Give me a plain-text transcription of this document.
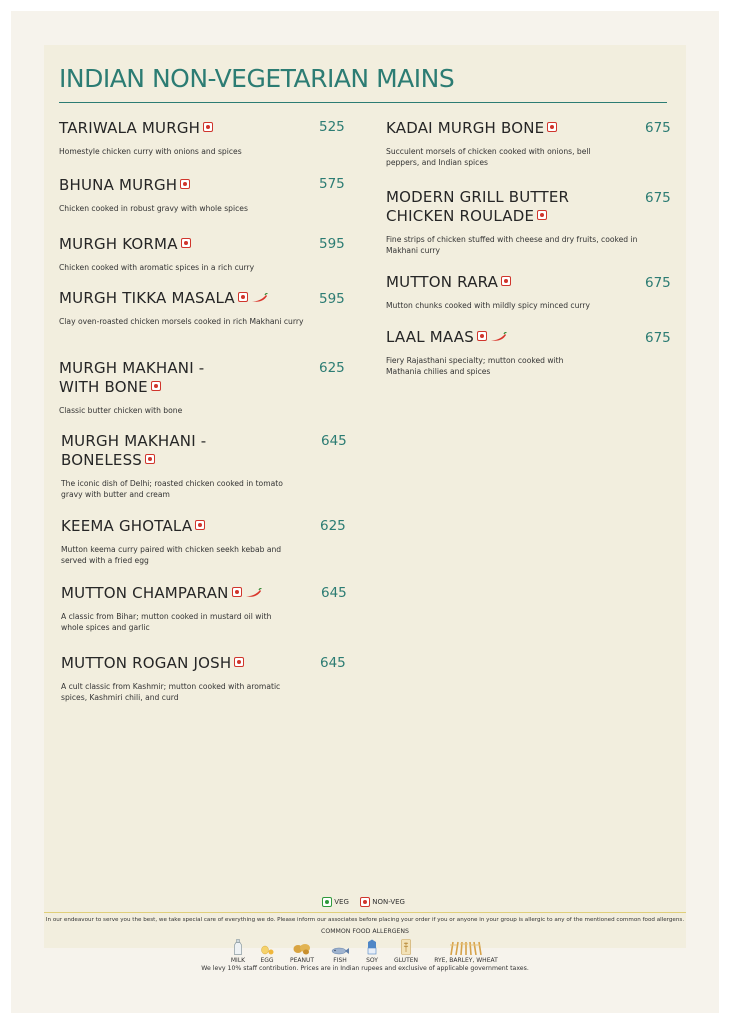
INDIAN NON-VEGETARIAN MAINS
TARIWALA MURGH
Homestyle chicken curry with onions and spices
525
BHUNA MURGH
Chicken cooked in robust gravy with whole spices
575
MURGH KORMA
Chicken cooked with aromatic spices in a rich curry
595
MURGH TIKKA MASALA
Clay oven-roasted chicken morsels cooked in rich Makhani curry
595
MURGH MAKHANI -
WITH BONE
Classic butter chicken with bone
625
MURGH MAKHANI -
BONELESS
The iconic dish of Delhi; roasted chicken cooked in tomato gravy with butter and cream
645
KEEMA GHOTALA
Mutton keema curry paired with chicken seekh kebab and served with a fried egg
625
MUTTON CHAMPARAN
A classic from Bihar; mutton cooked in mustard oil with whole spices and garlic
645
MUTTON ROGAN JOSH
A cult classic from Kashmir; mutton cooked with aromatic spices, Kashmiri chili, and curd
645
KADAI MURGH BONE
Succulent morsels of chicken cooked with onions, bell peppers, and Indian spices
675
MODERN GRILL BUTTER
CHICKEN ROULADE
Fine strips of chicken stuffed with cheese and dry fruits, cooked in Makhani curry
675
MUTTON RARA
Mutton chunks cooked with mildly spicy minced curry
675
LAAL MAAS
Fiery Rajasthani specialty; mutton cooked with Mathania chilies and spices
675
VEG	NON-VEG
In our endeavour to serve you the best, we take special care of everything we do. Please inform our associates before placing your order if you or anyone in your group is allergic to any of the mentioned common food allergens.
COMMON FOOD ALLERGENS
MILK	EGG	PEANUT	FISH	SOY	GLUTEN	RYE, BARLEY, WHEAT
We levy 10% staff contribution. Prices are in Indian rupees and exclusive of applicable government taxes.
